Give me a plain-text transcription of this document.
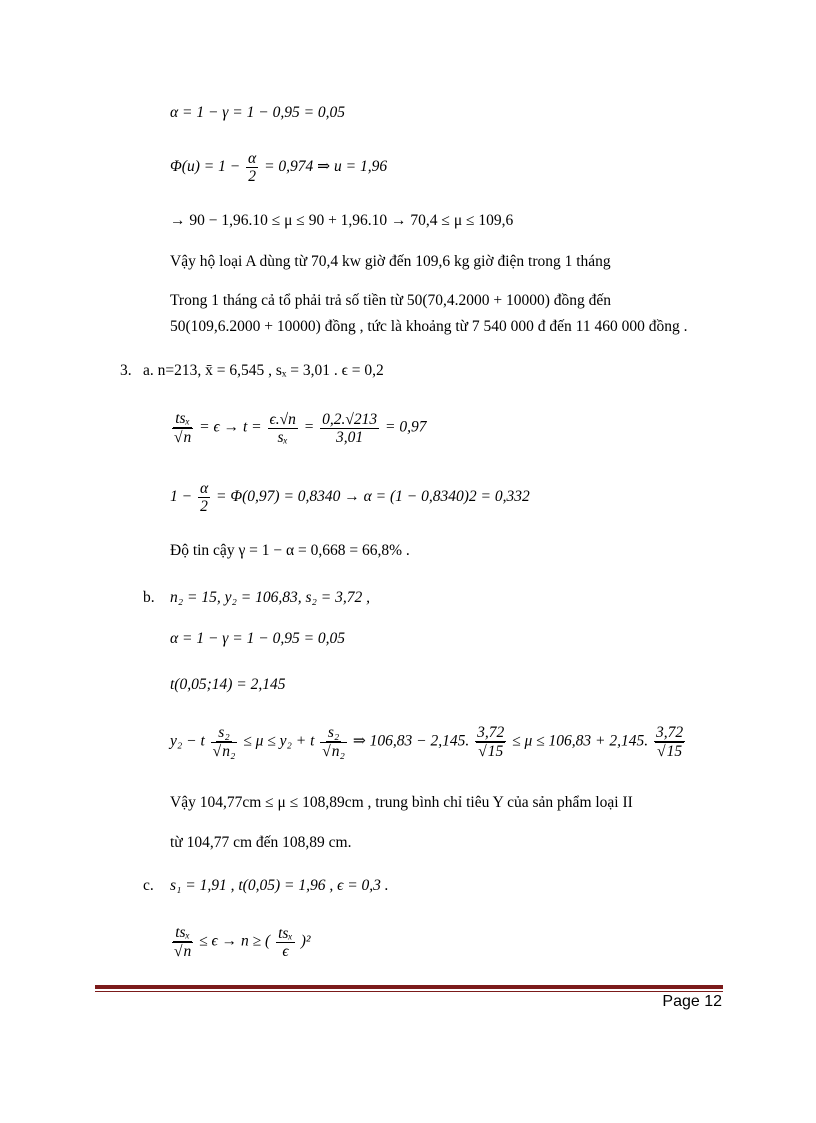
α = 1 − γ = 1 − 0,95 = 0,05
$\Phi(u) = 1 - \frac{\alpha}{2} = 0,974$ ⇒ u = 1,96
→ 90 − 1,96.10 ≤ μ ≤ 90 + 1,96.10 → 70,4 ≤ μ ≤ 109,6
Vậy hộ loại A dùng từ 70,4 kw giờ đến 109,6 kg giờ điện trong 1 tháng
Trong 1 tháng cả tổ phải trả số tiền từ 50(70,4.2000 + 10000) đồng đến
50(109,6.2000 + 10000) đồng , tức là khoảng từ 7 540 000 đ đến 11 460 000 đồng .
3. a. n=213, x̄ = 6,545 , sₓ = 3,01 . ϵ = 0,2
tsₓ
√ $n = \epsilon \to t = \frac{\epsilon.√n}{\text{sₓ}} = \frac{0,2.√213}{3,01} = 0,97$
$1 - \frac{\alpha}{2} = \Phi(0,97) = 0,8340 \to \alpha = (1 - 0,8340)2 = 0,332$
Độ tin cậy γ = 1 − α = 0,668 = 66,8% .
b. n₂ = 15, y₂ = 106,83, s₂ = 3,72 ,
α = 1 − γ = 1 − 0,95 = 0,05
t(0,05;14) = 2,145
y₂ − t s₂
√ n₂ ≤ μ ≤ y₂ + t s₂
√ n₂ ⇒ 106,83 − 2,145. 3,72
√ 15 ≤ μ ≤ 106,83 + 2,145. 3,72
√ 15
Vậy 104,77cm ≤ μ ≤ 108,89cm , trung bình chỉ tiêu Y của sản phẩm loại II
từ 104,77 cm đến 108,89 cm.
c. s₁ = 1,91 , t(0,05) = 1,96 , ϵ = 0,3 .
tsₓ
√ n ≤ ϵ → n ≥ ( $\frac{\text{tsₓ}}{\epsilon} )^2$
Page 12
